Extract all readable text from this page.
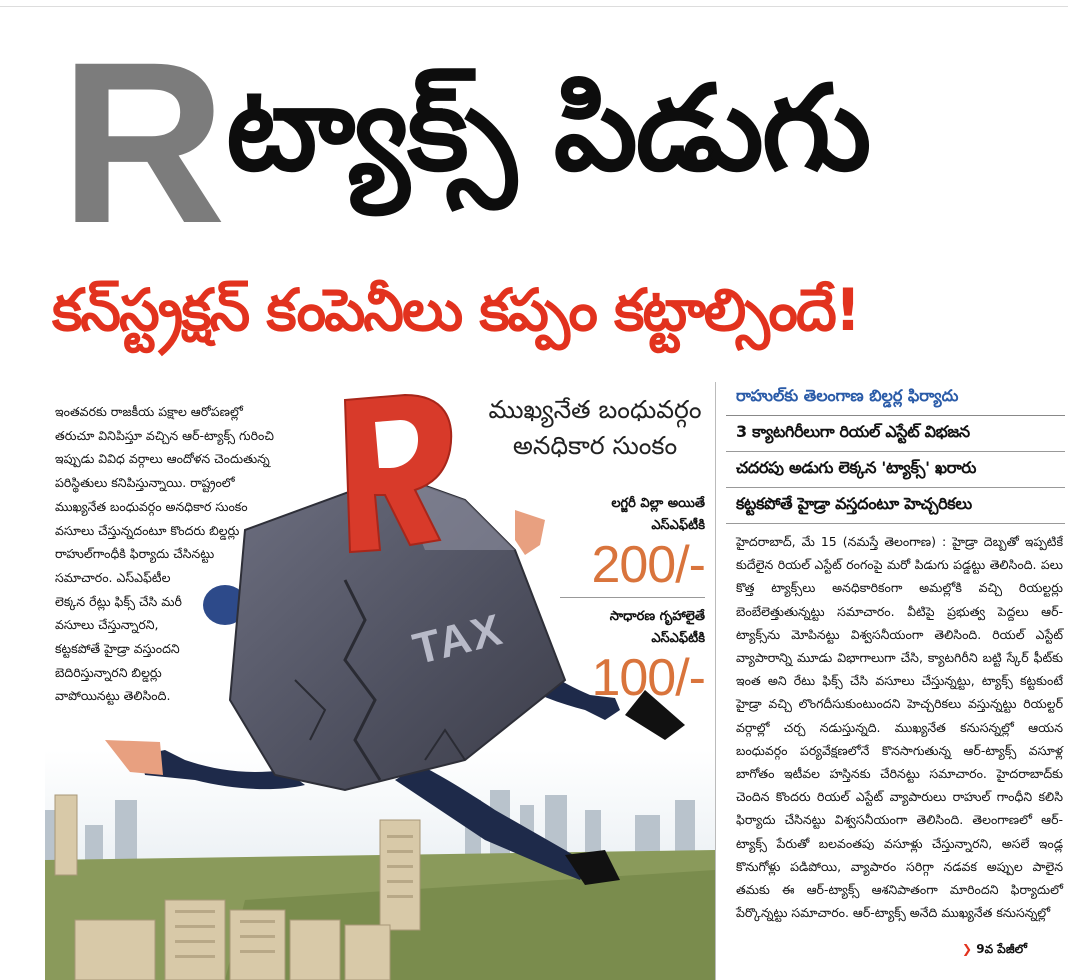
R ట్యాక్స్ పిడుగు
కన్‌స్ట్రక్షన్ కంపెనీలు కప్పం కట్టాల్సిందే!
TAX

ఇంతవరకు రాజకీయ పక్షాల ఆరోపణల్లో

తరుచూ వినిపిస్తూ వచ్చిన ఆర్‌-ట్యాక్స్‌ గురించి

ఇప్పుడు వివిధ వర్గాలు ఆందోళన చెందుతున్న

పరిస్థితులు కనిపిస్తున్నాయి. రాష్ట్రంలో

ముఖ్యనేత బంధువర్గం అనధికార సుంకం

వసూలు చేస్తున్నదంటూ కొందరు బిల్డర్లు

రాహుల్‌గాంధీకి ఫిర్యాదు చేసినట్టు

సమాచారం. ఎస్‌ఎఫ్‌టీల

లెక్కన రేట్లు ఫిక్స్‌ చేసి మరీ

వసూలు చేస్తున్నారని,

కట్టకపోతే హైడ్రా వస్తుందని

బెదిరిస్తున్నారని బిల్డర్లు

వాపోయినట్టు తెలిసింది.

ముఖ్యనేత బంధువర్గం
అనధికార సుంకం
లగ్జరీ విల్లా అయితే
ఎస్‌ఎఫ్‌టీకి
200/-
సాధారణ గృహాలైతే
ఎస్‌ఎఫ్‌టీకి
100/-
రాహుల్‌కు తెలంగాణ బిల్డర్ల ఫిర్యాదు
3 క్యాటగిరీలుగా రియల్‌ ఎస్టేట్‌ విభజన
చదరపు అడుగు లెక్కన 'ట్యాక్స్‌' ఖరారు
కట్టకపోతే హైడ్రా వస్తదంటూ హెచ్చరికలు
హైదరాబాద్‌, మే 15 (నమస్తే తెలంగాణ) : హైడ్రా దెబ్బతో ఇప్పటికే కుదేలైన రియల్‌ ఎస్టేట్‌ రంగంపై మరో పిడుగు పడ్డట్టు తెలిసింది. పలు కొత్త ట్యాక్స్‌లు అనధికారికంగా అమల్లోకి వచ్చి రియల్టర్లు బెంబేలెత్తుతున్నట్టు సమాచారం. వీటిపై ప్రభుత్వ పెద్దలు ఆర్‌-ట్యాక్స్‌ను మోపినట్టు విశ్వసనీయంగా తెలిసింది. రియల్‌ ఎస్టేట్‌ వ్యాపారాన్ని మూడు విభాగాలుగా చేసి, క్యాటగిరీని బట్టి స్కేర్‌ ఫీట్‌కు ఇంత అని రేటు ఫిక్స్‌ చేసి వసూలు చేస్తున్నట్టు, ట్యాక్స్‌ కట్టకుంటే హైడ్రా వచ్చి లొంగదీసుకుంటుందని హెచ్చరికలు వస్తున్నట్టు రియల్టర్‌ వర్గాల్లో చర్చ నడుస్తున్నది. ముఖ్యనేత కనుసన్నల్లో ఆయన బంధువర్గం పర్యవేక్షణలోనే కొనసాగుతున్న ఆర్‌-ట్యాక్స్‌ వసూళ్ల బాగోతం ఇటీవల హస్తినకు చేరినట్టు సమాచారం. హైదరాబాద్‌కు చెందిన కొందరు రియల్‌ ఎస్టేట్‌ వ్యాపారులు రాహుల్‌ గాంధీని కలిసి ఫిర్యాదు చేసినట్టు విశ్వసనీయంగా తెలిసింది. తెలంగాణలో ఆర్‌-ట్యాక్స్‌ పేరుతో బలవంతపు వసూళ్లు చేస్తున్నారని, అసలే ఇండ్ల కొనుగోళ్లు పడిపోయి, వ్యాపారం సరిగ్గా నడవక అప్పుల పాలైన తమకు ఈ ఆర్‌-ట్యాక్స్‌ ఆశనిపాతంగా మారిందని ఫిర్యాదులో పేర్కొన్నట్టు సమాచారం. ఆర్‌-ట్యాక్స్‌ అనేది ముఖ్యనేత కనుసన్నల్లో
❯ 9వ పేజీలో
